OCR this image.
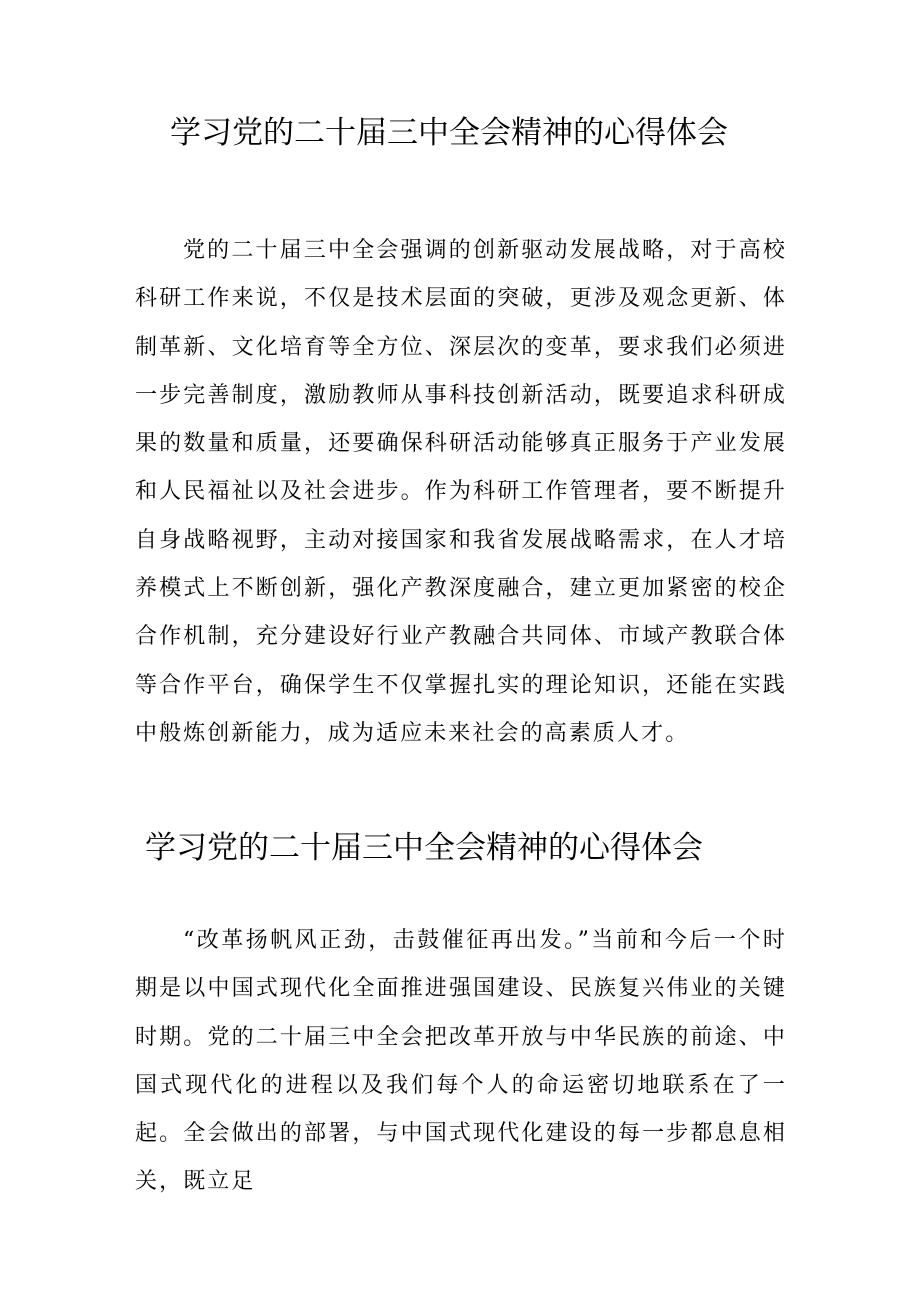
学习党的二十届三中全会精神的心得体会

党的二十届三中全会强调的创新驱动发展战略，对于高校科研工作来说，不仅是技术层面的突破，更涉及观念更新、体制革新、文化培育等全方位、深层次的变革，要求我们必须进一步完善制度，激励教师从事科技创新活动，既要追求科研成果的数量和质量，还要确保科研活动能够真正服务于产业发展和人民福祉以及社会进步。作为科研工作管理者，要不断提升自身战略视野，主动对接国家和我省发展战略需求，在人才培养模式上不断创新，强化产教深度融合，建立更加紧密的校企合作机制，充分建设好行业产教融合共同体、市域产教联合体等合作平台，确保学生不仅掌握扎实的理论知识，还能在实践中般炼创新能力，成为适应未来社会的高素质人才。

学习党的二十届三中全会精神的心得体会

“改革扬帆风正劲，击鼓催征再出发。”当前和今后一个时期是以中国式现代化全面推进强国建设、民族复兴伟业的关键时期。党的二十届三中全会把改革开放与中华民族的前途、中国式现代化的进程以及我们每个人的命运密切地联系在了一起。全会做出的部署，与中国式现代化建设的每一步都息息相关，既立足
